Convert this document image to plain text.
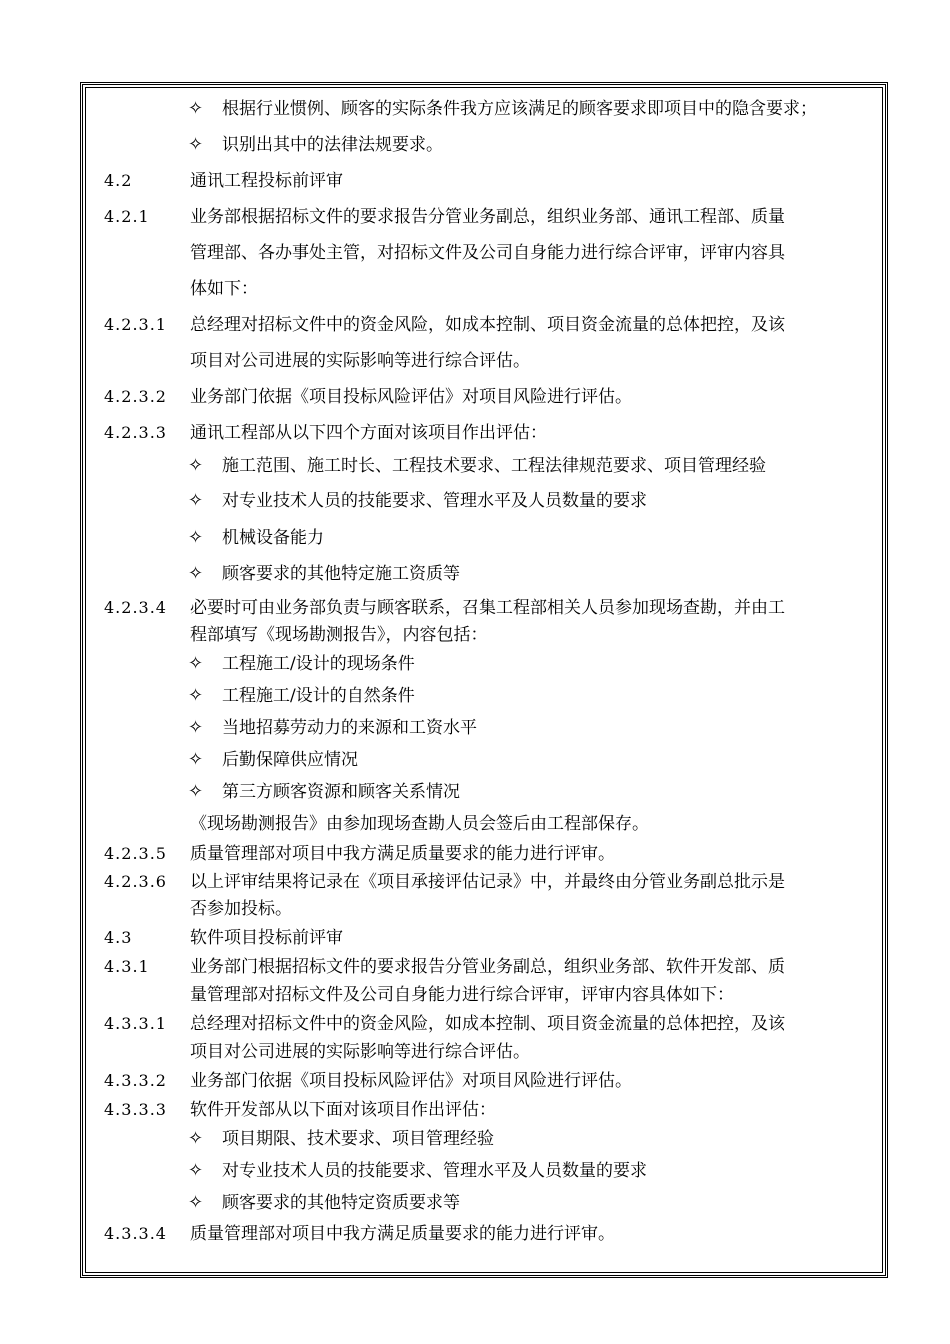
✧ 根据行业惯例、顾客的实际条件我方应该满足的顾客要求即项目中的隐含要求；
✧ 识别出其中的法律法规要求。
4.2	通讯工程投标前评审
4.2.1 业务部根据招标文件的要求报告分管业务副总，组织业务部、通讯工程部、质量
管理部、各办事处主管，对招标文件及公司自身能力进行综合评审，评审内容具
体如下：
4.2.3.1 总经理对招标文件中的资金风险，如成本控制、项目资金流量的总体把控，及该
项目对公司进展的实际影响等进行综合评估。
4.2.3.2 业务部门依据《项目投标风险评估》对项目风险进行评估。
4.2.3.3 通讯工程部从以下四个方面对该项目作出评估：
✧ 施工范围、施工时长、工程技术要求、工程法律规范要求、项目管理经验
✧ 对专业技术人员的技能要求、管理水平及人员数量的要求
✧ 机械设备能力
✧ 顾客要求的其他特定施工资质等
4.2.3.4 必要时可由业务部负责与顾客联系，召集工程部相关人员参加现场查勘，并由工
程部填写《现场勘测报告》，内容包括：
✧ 工程施工/设计的现场条件
✧ 工程施工/设计的自然条件
✧ 当地招募劳动力的来源和工资水平
✧ 后勤保障供应情况
✧ 第三方顾客资源和顾客关系情况
《现场勘测报告》由参加现场查勘人员会签后由工程部保存。
4.2.3.5 质量管理部对项目中我方满足质量要求的能力进行评审。
4.2.3.6 以上评审结果将记录在《项目承接评估记录》中，并最终由分管业务副总批示是
否参加投标。
4.3	软件项目投标前评审
4.3.1 业务部门根据招标文件的要求报告分管业务副总，组织业务部、软件开发部、质
量管理部对招标文件及公司自身能力进行综合评审，评审内容具体如下：
4.3.3.1 总经理对招标文件中的资金风险，如成本控制、项目资金流量的总体把控，及该
项目对公司进展的实际影响等进行综合评估。
4.3.3.2 业务部门依据《项目投标风险评估》对项目风险进行评估。
4.3.3.3 软件开发部从以下面对该项目作出评估：
✧ 项目期限、技术要求、项目管理经验
✧ 对专业技术人员的技能要求、管理水平及人员数量的要求
✧ 顾客要求的其他特定资质要求等
4.3.3.4 质量管理部对项目中我方满足质量要求的能力进行评审。
